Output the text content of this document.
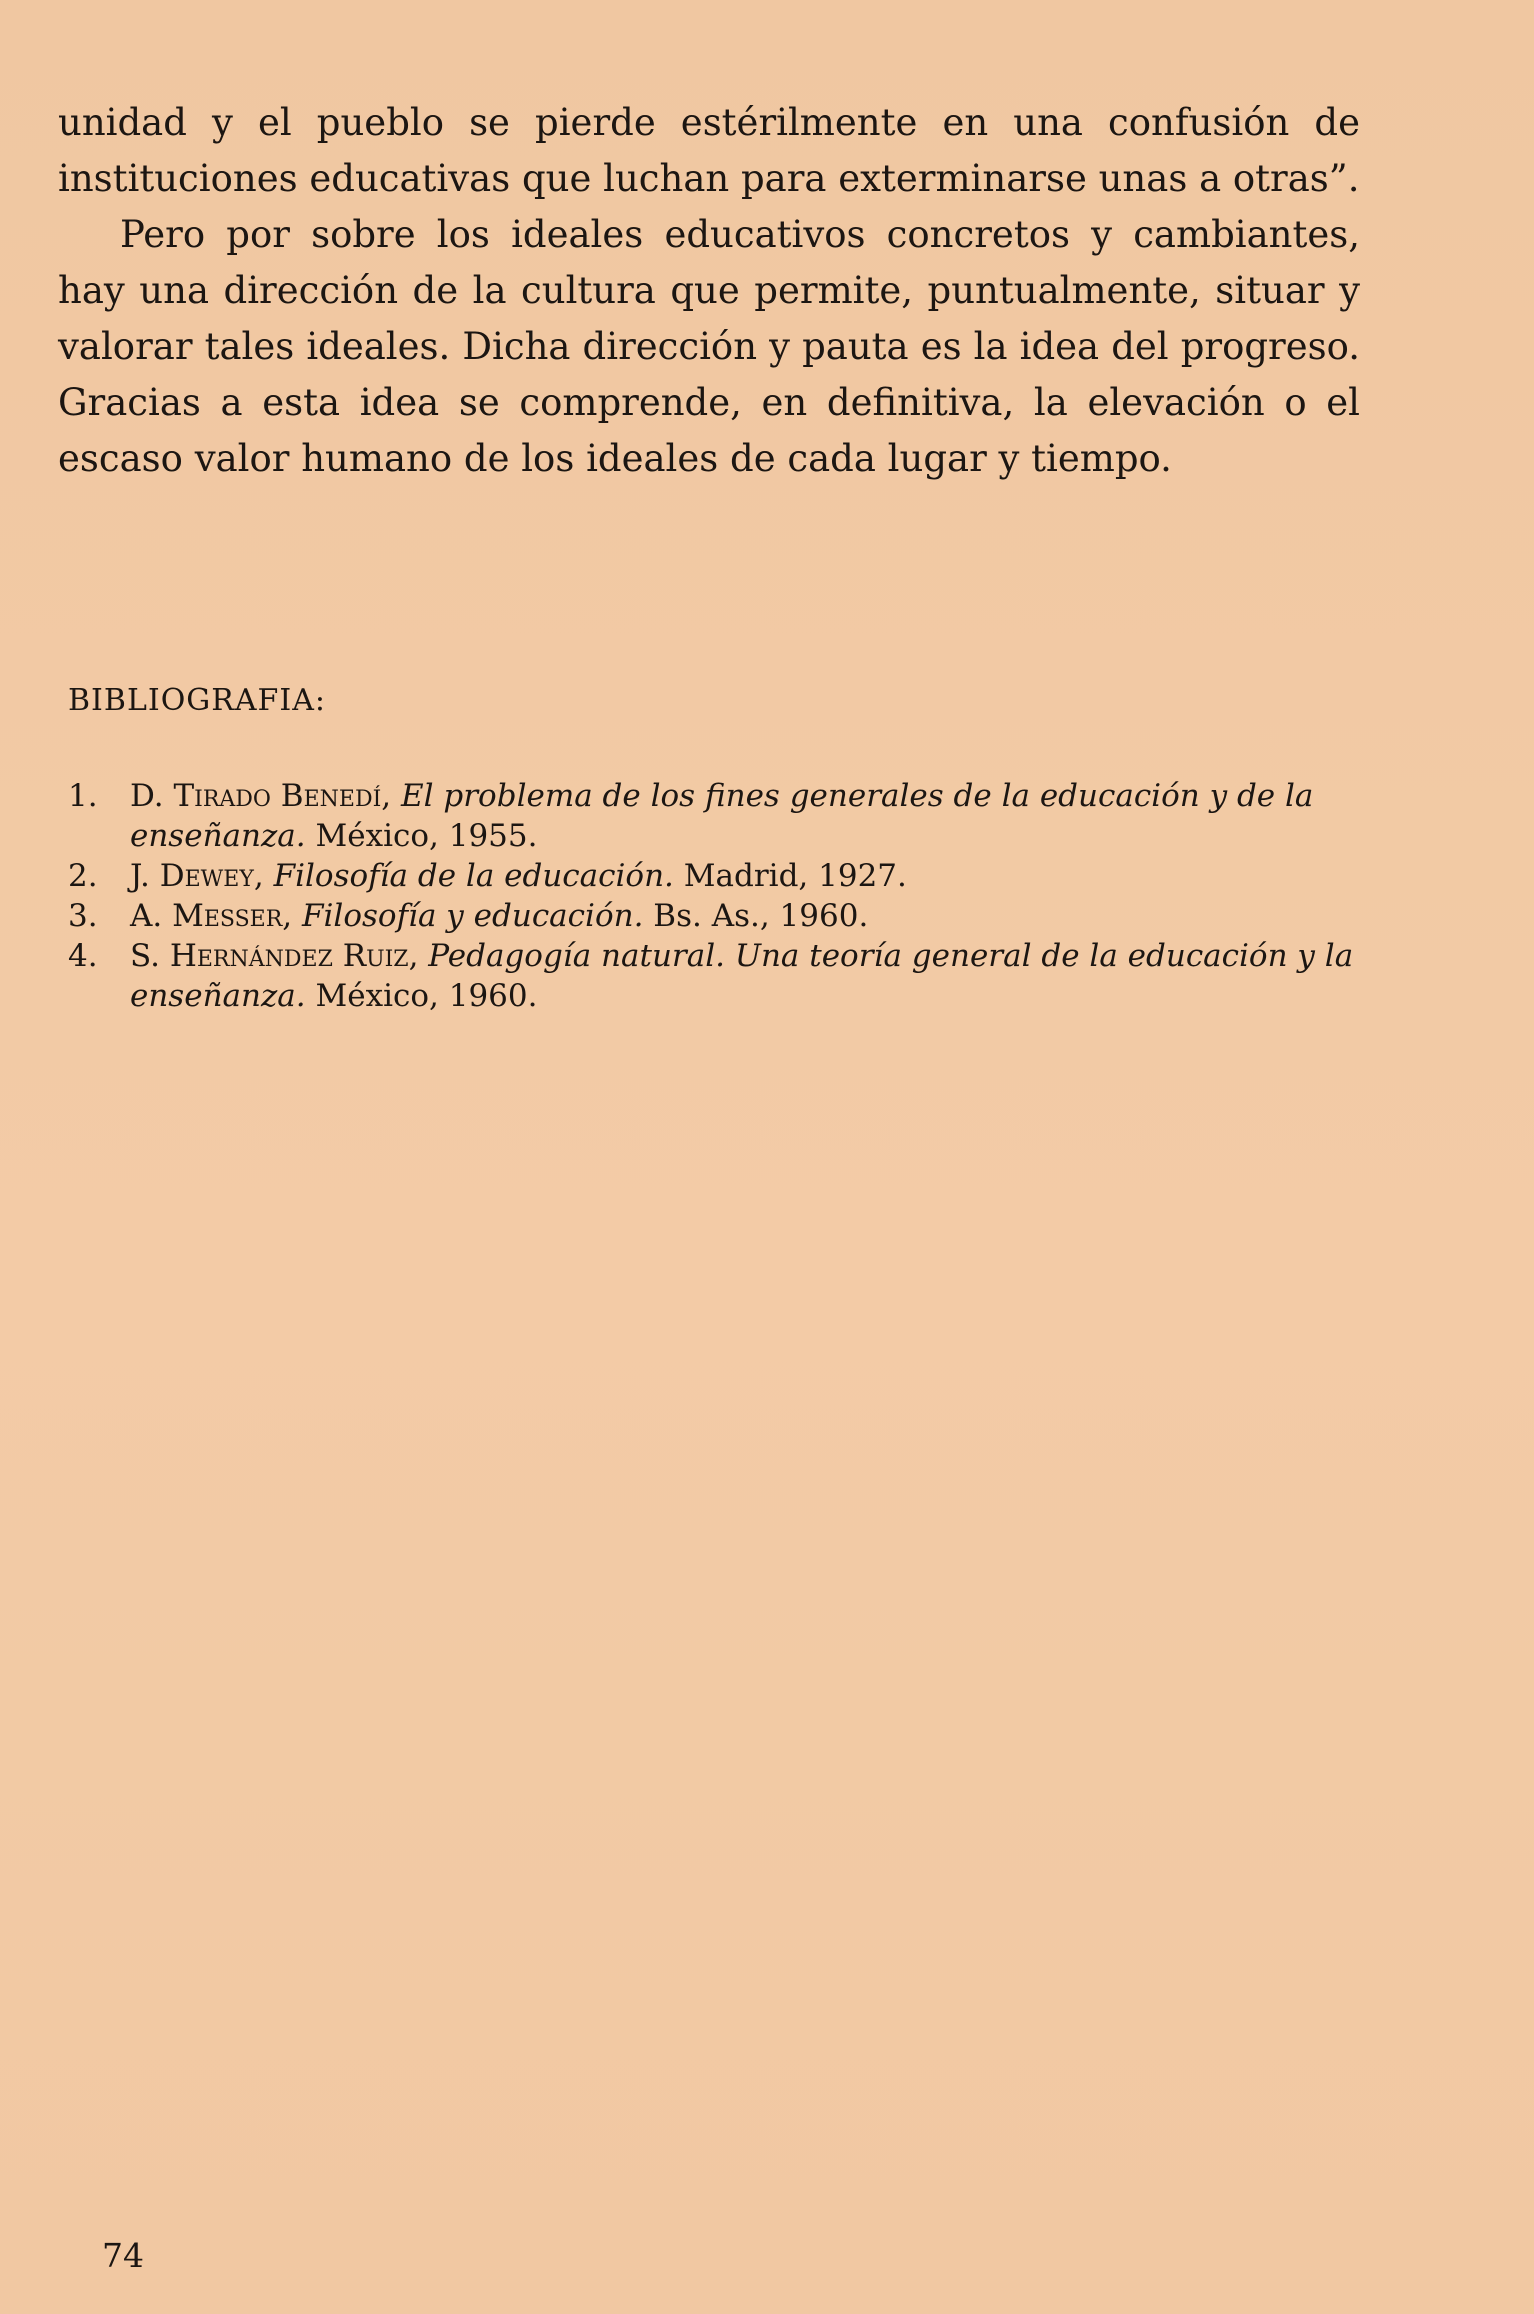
unidad y el pueblo se pierde estérilmente en una confusión de instituciones educativas que luchan para exterminarse unas a otras”.

Pero por sobre los ideales educativos concretos y cambiantes, hay una dirección de la cultura que permite, puntualmente, situar y valorar tales ideales. Dicha dirección y pauta es la idea del progreso. Gracias a esta idea se comprende, en definitiva, la elevación o el escaso valor humano de los ideales de cada lugar y tiempo.

BIBLIOGRAFIA:
1. D. Tirado Benedí, El problema de los fines generales de la educación y de la enseñanza. México, 1955.
2. J. Dewey, Filosofía de la educación. Madrid, 1927.
3. A. Messer, Filosofía y educación. Bs. As., 1960.
4. S. Hernández Ruiz, Pedagogía natural. Una teoría general de la educación y la enseñanza. México, 1960.
74
